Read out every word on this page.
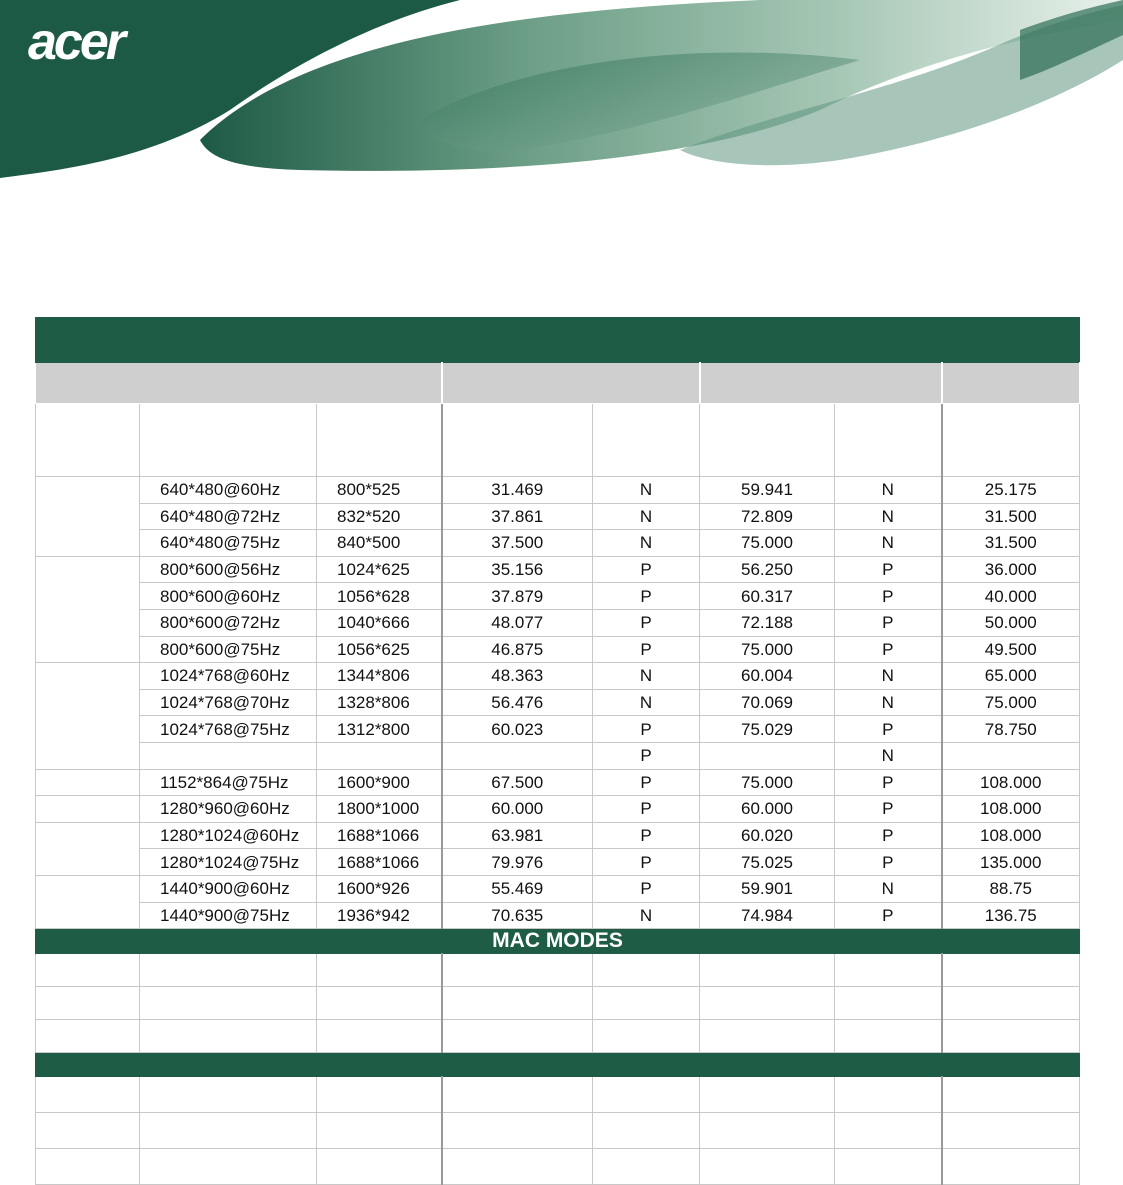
acer

	640*480@60Hz	800*525	31.469	N	59.941	N	25.175
	640*480@72Hz	832*520	37.861	N	72.809	N	31.500
	640*480@75Hz	840*500	37.500	N	75.000	N	31.500
	800*600@56Hz	1024*625	35.156	P	56.250	P	36.000
	800*600@60Hz	1056*628	37.879	P	60.317	P	40.000
	800*600@72Hz	1040*666	48.077	P	72.188	P	50.000
	800*600@75Hz	1056*625	46.875	P	75.000	P	49.500
	1024*768@60Hz	1344*806	48.363	N	60.004	N	65.000
	1024*768@70Hz	1328*806	56.476	N	70.069	N	75.000
	1024*768@75Hz	1312*800	60.023	P	75.029	P	78.750
				P		N	
	1152*864@75Hz	1600*900	67.500	P	75.000	P	108.000
	1280*960@60Hz	1800*1000	60.000	P	60.000	P	108.000
	1280*1024@60Hz	1688*1066	63.981	P	60.020	P	108.000
	1280*1024@75Hz	1688*1066	79.976	P	75.025	P	135.000
	1440*900@60Hz	1600*926	55.469	P	59.901	N	88.75
	1440*900@75Hz	1936*942	70.635	N	74.984	P	136.75
MAC MODES							
